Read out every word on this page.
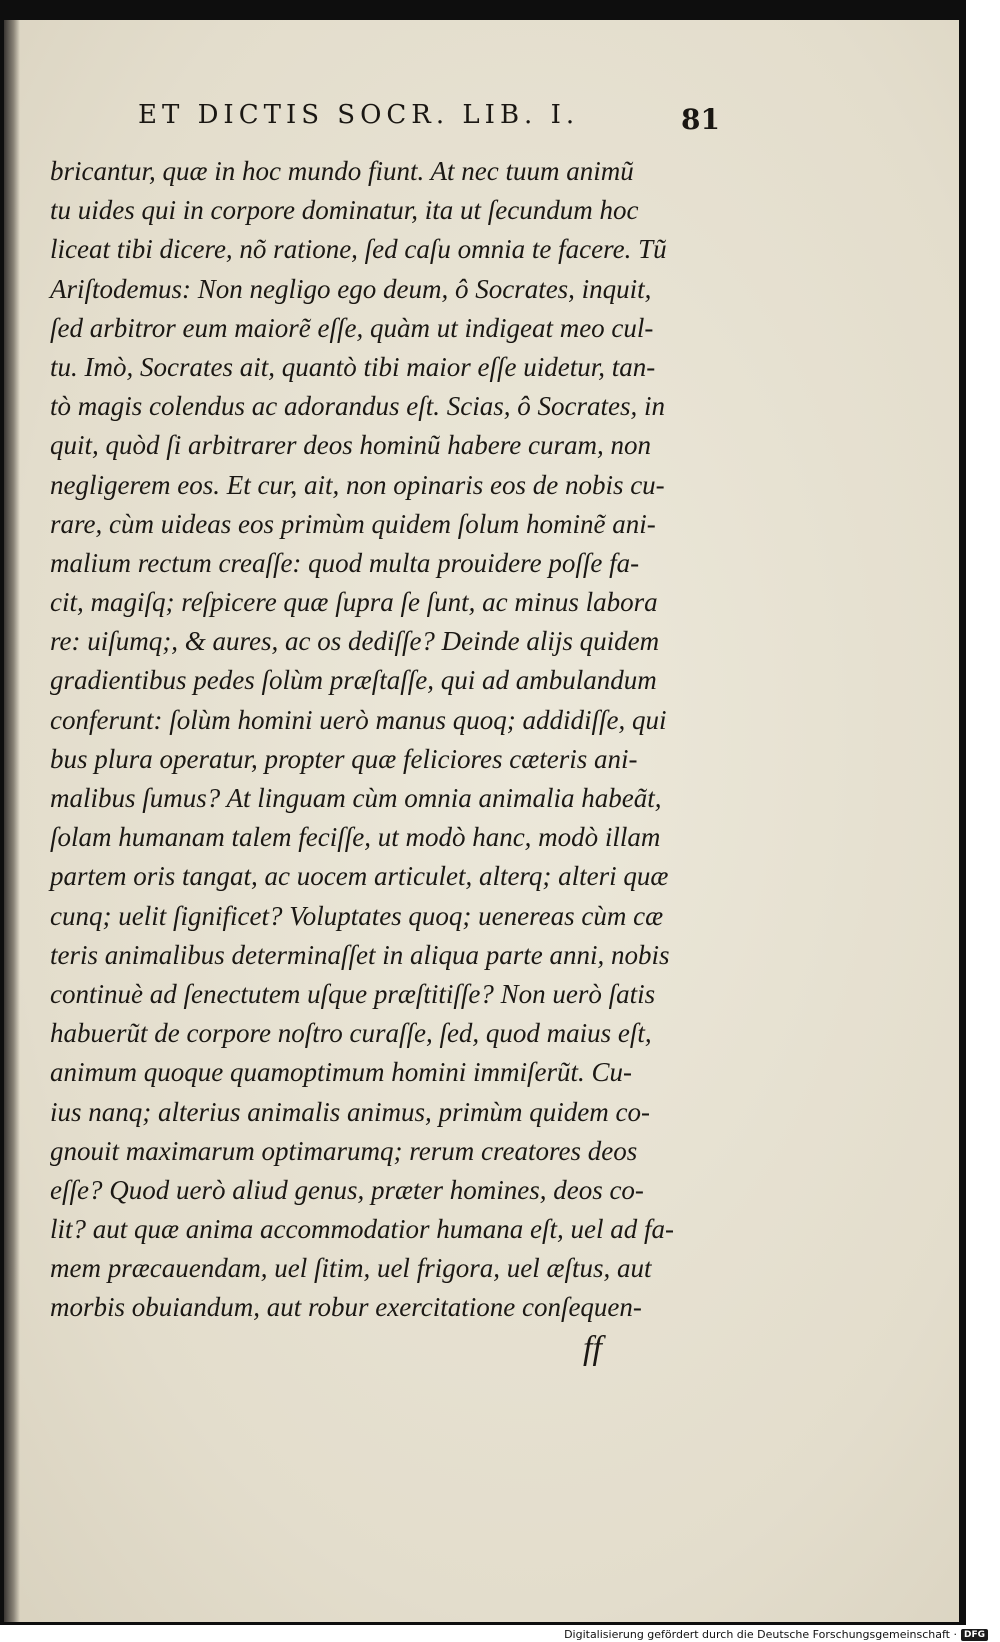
ET DICTIS SOCR. LIB. I.	81
bricantur, quæ in hoc mundo fiunt. At nec tuum animũ
tu uides qui in corpore dominatur, ita ut ſecundum hoc
liceat tibi dicere, nõ ratione, ſed caſu omnia te facere. Tũ
Ariſtodemus: Non negligo ego deum, ô Socrates, inquit,
ſed arbitror eum maiorẽ eſſe, quàm ut indigeat meo cul-
tu. Imò, Socrates ait, quantò tibi maior eſſe uidetur, tan-
tò magis colendus ac adorandus eſt. Scias, ô Socrates, in
quit, quòd ſi arbitrarer deos hominũ habere curam, non
negligerem eos. Et cur, ait, non opinaris eos de nobis cu-
rare, cùm uideas eos primùm quidem ſolum hominẽ ani-
malium rectum creaſſe: quod multa prouidere poſſe fa-
cit, magiſq; reſpicere quæ ſupra ſe ſunt, ac minus labora
re: uiſumq;, & aures, ac os dediſſe? Deinde alijs quidem
gradientibus pedes ſolùm præſtaſſe, qui ad ambulandum
conferunt: ſolùm homini uerò manus quoq; addidiſſe, qui
bus plura operatur, propter quæ feliciores cæteris ani-
malibus ſumus? At linguam cùm omnia animalia habeãt,
ſolam humanam talem feciſſe, ut modò hanc, modò illam
partem oris tangat, ac uocem articulet, alterq; alteri quæ
cunq; uelit ſignificet? Voluptates quoq; uenereas cùm cæ
teris animalibus determinaſſet in aliqua parte anni, nobis
continuè ad ſenectutem uſque præſtitiſſe? Non uerò ſatis
habuerũt de corpore noſtro curaſſe, ſed, quod maius eſt,
animum quoque quamoptimum homini immiſerũt. Cu-
ius nanq; alterius animalis animus, primùm quidem co-
gnouit maximarum optimarumq; rerum creatores deos
eſſe? Quod uerò aliud genus, præter homines, deos co-
lit? aut quæ anima accommodatior humana eſt, uel ad fa-
mem præcauendam, uel ſitim, uel frigora, uel æſtus, aut
morbis obuiandum, aut robur exercitatione conſequen-
ff
Digitalisierung gefördert durch die Deutsche Forschungsgemeinschaft · DFG
